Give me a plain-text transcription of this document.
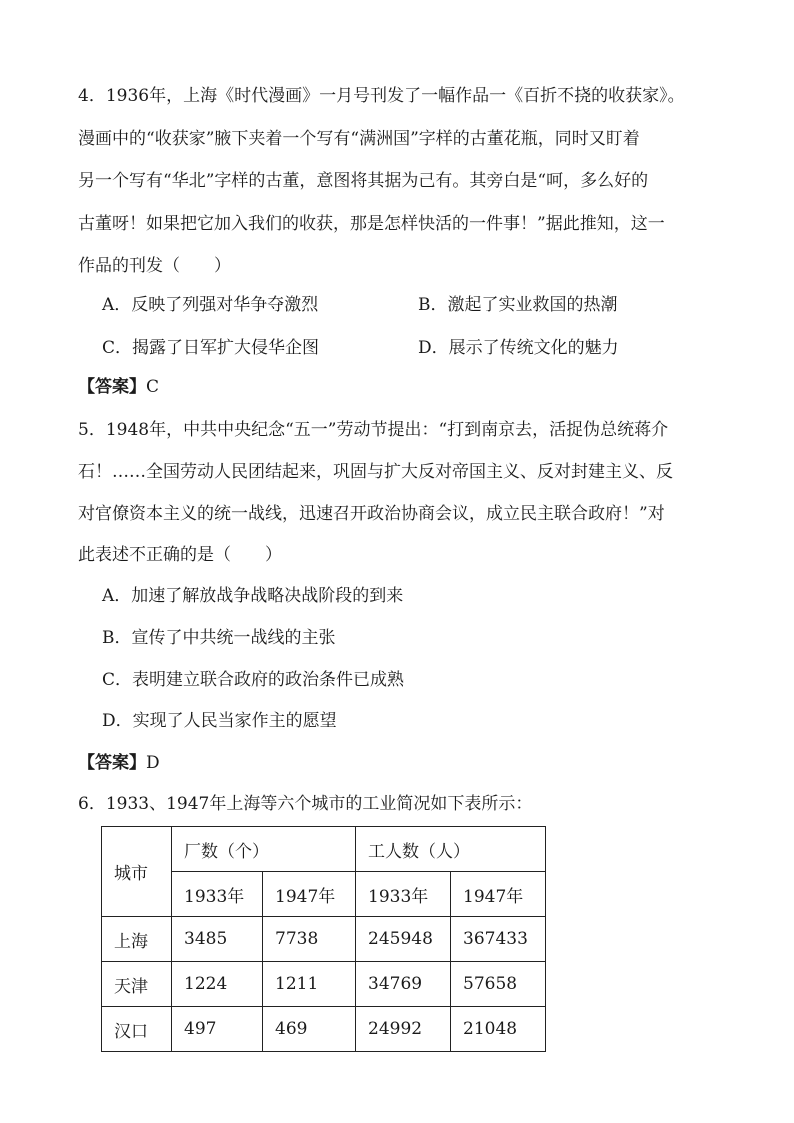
4．1936年，上海《时代漫画》一月号刊发了一幅作品一《百折不挠的收获家》。
漫画中的“收获家”腋下夹着一个写有“满洲国”字样的古董花瓶，同时又盯着
另一个写有“华北”字样的古董，意图将其据为己有。其旁白是“呵，多么好的
古董呀！如果把它加入我们的收获，那是怎样快活的一件事！”据此推知，这一
作品的刊发（　　）
A．反映了列强对华争夺激烈	B．激起了实业救国的热潮
C．揭露了日军扩大侵华企图	D．展示了传统文化的魅力
【答案】C
5．1948年，中共中央纪念“五一”劳动节提出：“打到南京去，活捉伪总统蒋介
石！……全国劳动人民团结起来，巩固与扩大反对帝国主义、反对封建主义、反
对官僚资本主义的统一战线，迅速召开政治协商会议，成立民主联合政府！”对
此表述不正确的是（　　）
A．加速了解放战争战略决战阶段的到来
B．宣传了中共统一战线的主张
C．表明建立联合政府的政治条件已成熟
D．实现了人民当家作主的愿望
【答案】D
6．1933、1947年上海等六个城市的工业简况如下表所示：
城市	厂数（个）		工人数（人）	
	1933年	1947年	1933年	1947年
上海	3485	7738	245948	367433
天津	1224	1211	34769	57658
汉口	497	469	24992	21048
